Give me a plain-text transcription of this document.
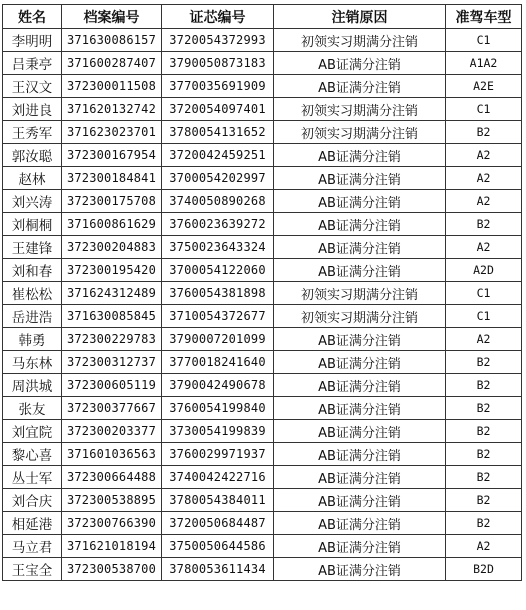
姓名	档案编号	证芯编号	注销原因	准驾车型
李明明	371630086157	3720054372993	初领实习期满分注销	C1
吕秉亭	371600287407	3790050873183	AB证满分注销	A1A2
王汉文	372300011508	3770035691909	AB证满分注销	A2E
刘进良	371620132742	3720054097401	初领实习期满分注销	C1
王秀军	371623023701	3780054131652	初领实习期满分注销	B2
郭汝聪	372300167954	3720042459251	AB证满分注销	A2
赵林	372300184841	3700054202997	AB证满分注销	A2
刘兴涛	372300175708	3740050890268	AB证满分注销	A2
刘桐桐	371600861629	3760023639272	AB证满分注销	B2
王建锋	372300204883	3750023643324	AB证满分注销	A2
刘和春	372300195420	3700054122060	AB证满分注销	A2D
崔松松	371624312489	3760054381898	初领实习期满分注销	C1
岳进浩	371630085845	3710054372677	初领实习期满分注销	C1
韩勇	372300229783	3790007201099	AB证满分注销	A2
马东林	372300312737	3770018241640	AB证满分注销	B2
周洪城	372300605119	3790042490678	AB证满分注销	B2
张友	372300377667	3760054199840	AB证满分注销	B2
刘宜院	372300203377	3730054199839	AB证满分注销	B2
黎心喜	371601036563	3760029971937	AB证满分注销	B2
丛士军	372300664488	3740042422716	AB证满分注销	B2
刘合庆	372300538895	3780054384011	AB证满分注销	B2
相延港	372300766390	3720050684487	AB证满分注销	B2
马立君	371621018194	3750050644586	AB证满分注销	A2
王宝全	372300538700	3780053611434	AB证满分注销	B2D
